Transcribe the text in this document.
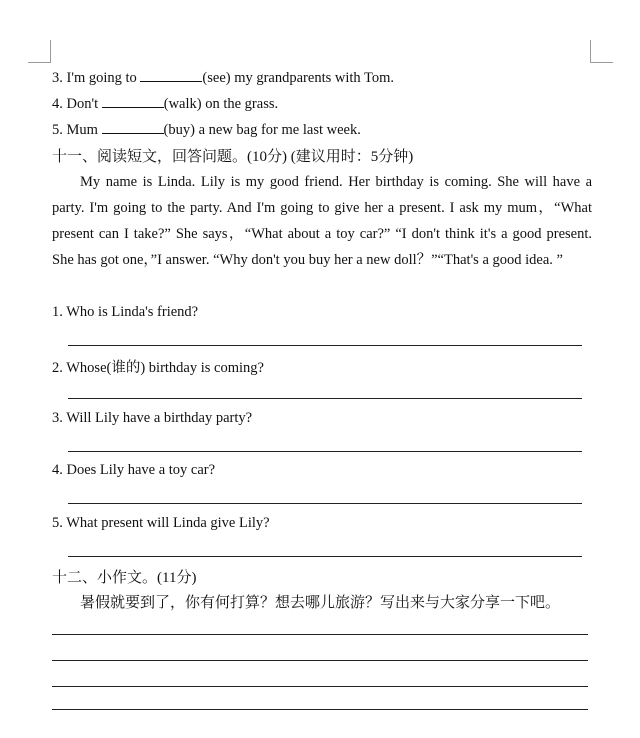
3. I'm going to	(see) my grandparents with Tom.
4. Don't	(walk) on the grass.
5. Mum	(buy) a new bag for me last week.
十一、阅读短文，回答问题。(10分) (建议用时：5分钟)
My name is Linda. Lily is my good friend. Her birthday is coming. She will have a party. I'm going to the party. And I'm going to give her a present. I ask my mum，“What present can I take?” She says，“What about a toy car?” “I don't think it's a good present. She has got one，”I answer. “Why don't you buy her a new doll？”“That's a good idea. ”
1. Who is Linda's friend?
2. Whose(谁的) birthday is coming?
3. Will Lily have a birthday party?
4. Does Lily have a toy car?
5. What present will Linda give Lily?
十二、小作文。(11分)
暑假就要到了，你有何打算？想去哪儿旅游？写出来与大家分享一下吧。
